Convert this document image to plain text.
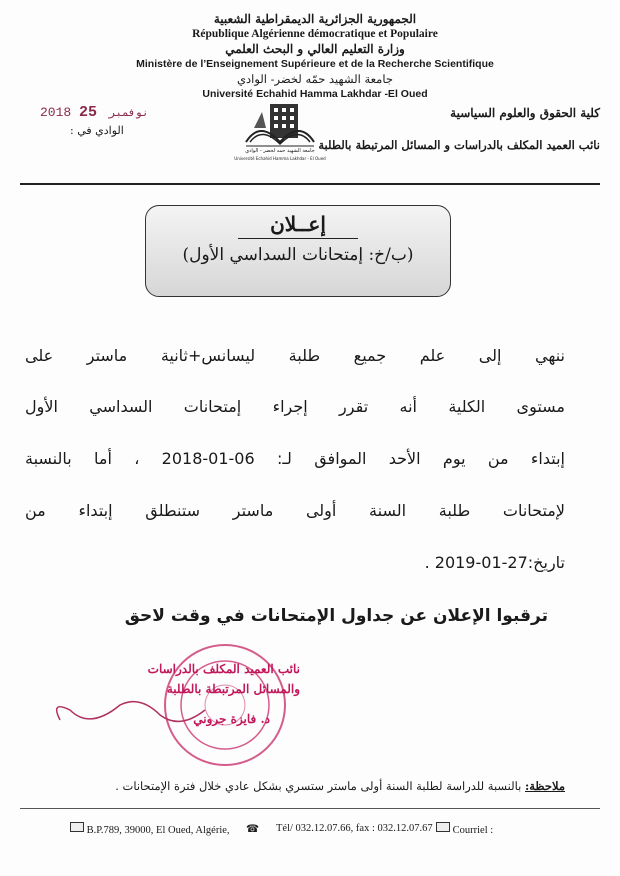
الجمهورية الجزائرية الديمقراطية الشعبية
République Algérienne démocratique et Populaire
وزارة التعليم العالي و البحث العلمي
Ministère de l’Enseignement Supérieure et de la Recherche Scientifique
جامعة الشهيد حمّه لخضر- الوادي
Université Echahid Hamma Lakhdar -El Oued
2018	نوفمبر 25
الوادي في :
جامعة الشهيد حمه لخضر - الوادي
Université Echahid Hamma Lakhdar - El Oued
كلية الحقوق والعلوم السياسية
نائب العميد المكلف بالدراسات و المسائل المرتبطة بالطلبة
إعــلان
(ب/خ: إمتحانات السداسي الأول)
ننهي إلى علم جميع طلبة ليسانس+ثانية ماستر على
مستوى الكلية أنه تقرر إجراء إمتحانات السداسي الأول
إبتداء من يوم الأحد الموافق لـ: 06-01-2018 ، أما بالنسبة
لإمتحانات طلبة السنة أولى ماستر ستنطلق إبتداء من
تاريخ:27-01-2019 .
ترقبوا الإعلان عن جداول الإمتحانات في وقت لاحق
نائب العميد المكلف بالدراسات
والمسائل المرتبطة بالطلبة
د. فايزة جروني
ملاحظة: بالنسبة للدراسة لطلبة السنة أولى ماستر ستسري بشكل عادي خلال فترة الإمتحانات .
B.P.789, 39000, El Oued, Algérie, ☎ Tél/ 032.12.07.66, fax : 032.12.07.67	Courriel :
